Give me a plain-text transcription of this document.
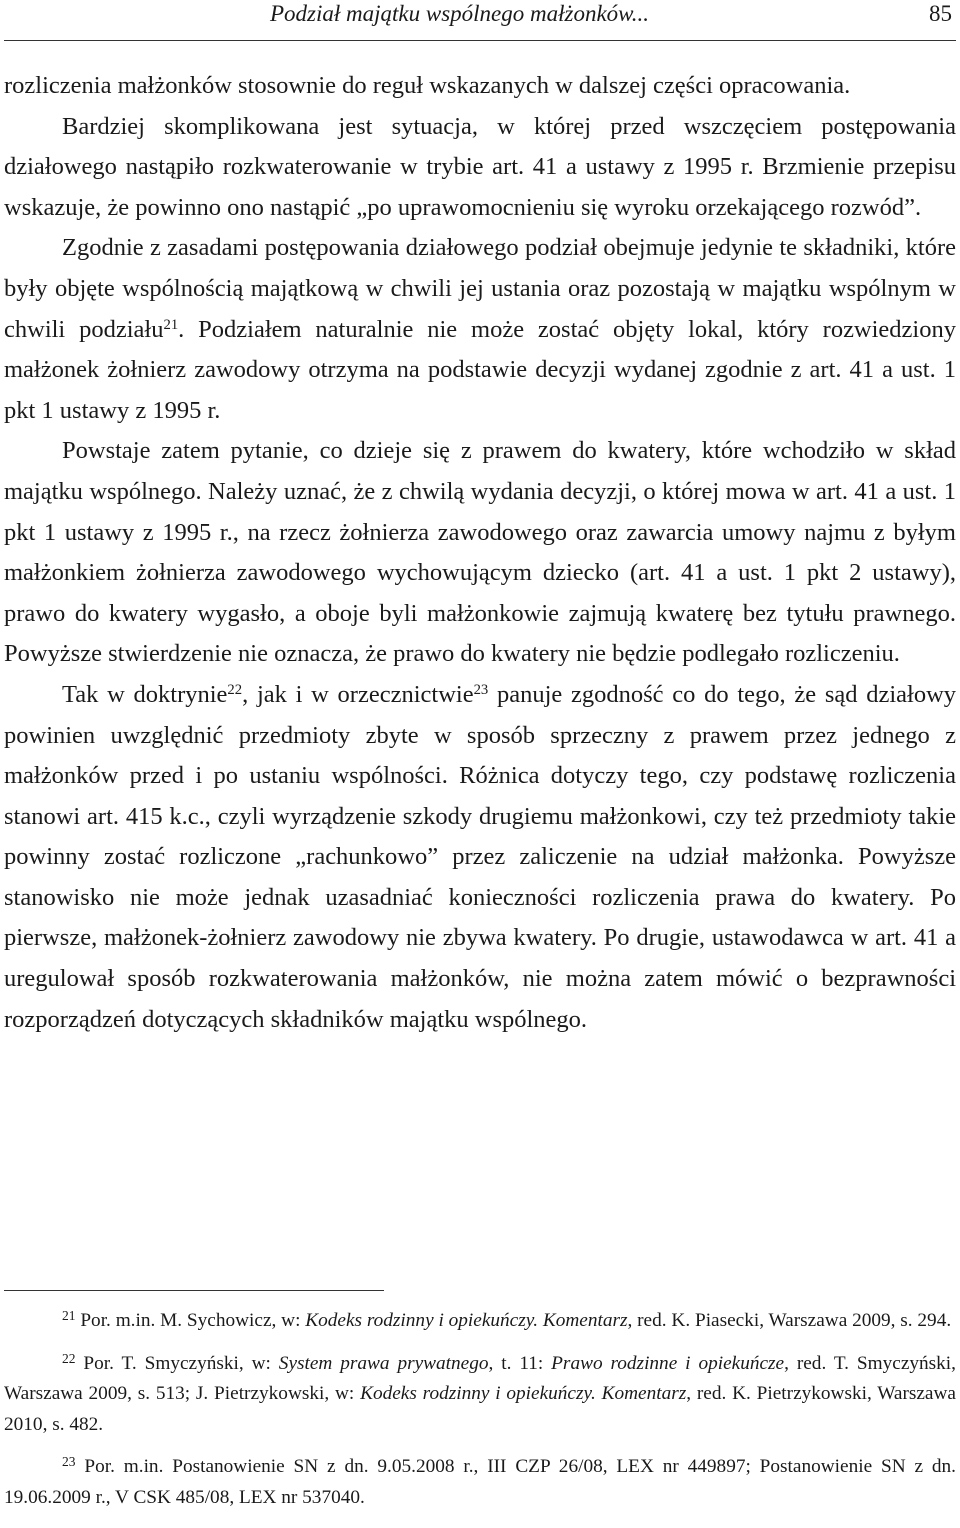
Podział majątku wspólnego małżonków...	85

rozliczenia małżonków stosownie do reguł wskazanych w dalszej części opracowania.

Bardziej skomplikowana jest sytuacja, w której przed wszczęciem postępowania działowego nastąpiło rozkwaterowanie w trybie art. 41 a ustawy z 1995 r. Brzmienie przepisu wskazuje, że powinno ono nastąpić „po uprawomocnieniu się wyroku orzekającego rozwód”.

Zgodnie z zasadami postępowania działowego podział obejmuje jedynie te składniki, które były objęte wspólnością majątkową w chwili jej ustania oraz pozostają w majątku wspólnym w chwili podziału$^{21}$. Podziałem naturalnie nie może zostać objęty lokal, który rozwiedziony małżonek żołnierz zawodowy otrzyma na podstawie decyzji wydanej zgodnie z art. 41 a ust. 1 pkt 1 ustawy z 1995 r.

Powstaje zatem pytanie, co dzieje się z prawem do kwatery, które wchodziło w skład majątku wspólnego. Należy uznać, że z chwilą wydania decyzji, o której mowa w art. 41 a ust. 1 pkt 1 ustawy z 1995 r., na rzecz żołnierza zawodowego oraz zawarcia umowy najmu z byłym małżonkiem żołnierza zawodowego wychowującym dziecko (art. 41 a ust. 1 pkt 2 ustawy), prawo do kwatery wygasło, a oboje byli małżonkowie zajmują kwaterę bez tytułu prawnego. Powyższe stwierdzenie nie oznacza, że prawo do kwatery nie będzie podlegało rozliczeniu.

Tak w doktrynie$^{22}$, jak i w orzecznictwie$^{23}$ panuje zgodność co do tego, że sąd działowy powinien uwzględnić przedmioty zbyte w sposób sprzeczny z prawem przez jednego z małżonków przed i po ustaniu wspólności. Różnica dotyczy tego, czy podstawę rozliczenia stanowi art. 415 k.c., czyli wyrządzenie szkody drugiemu małżonkowi, czy też przedmioty takie powinny zostać rozliczone „rachunkowo” przez zaliczenie na udział małżonka. Powyższe stanowisko nie może jednak uzasadniać konieczności rozliczenia prawa do kwatery. Po pierwsze, małżonek-żołnierz zawodowy nie zbywa kwatery. Po drugie, ustawodawca w art. 41 a uregulował sposób rozkwaterowania małżonków, nie można zatem mówić o bezprawności rozporządzeń dotyczących składników majątku wspólnego.

$^{21}$ Por. m.in. M. Sychowicz, w: Kodeks rodzinny i opiekuńczy. Komentarz, red. K. Piasecki, Warszawa 2009, s. 294.

$^{22}$ Por. T. Smyczyński, w: System prawa prywatnego, t. 11: Prawo rodzinne i opiekuńcze, red. T. Smyczyński, Warszawa 2009, s. 513; J. Pietrzykowski, w: Kodeks rodzinny i opiekuńczy. Komentarz, red. K. Pietrzykowski, Warszawa 2010, s. 482.

$^{23}$ Por. m.in. Postanowienie SN z dn. 9.05.2008 r., III CZP 26/08, LEX nr 449897; Postanowienie SN z dn. 19.06.2009 r., V CSK 485/08, LEX nr 537040.
